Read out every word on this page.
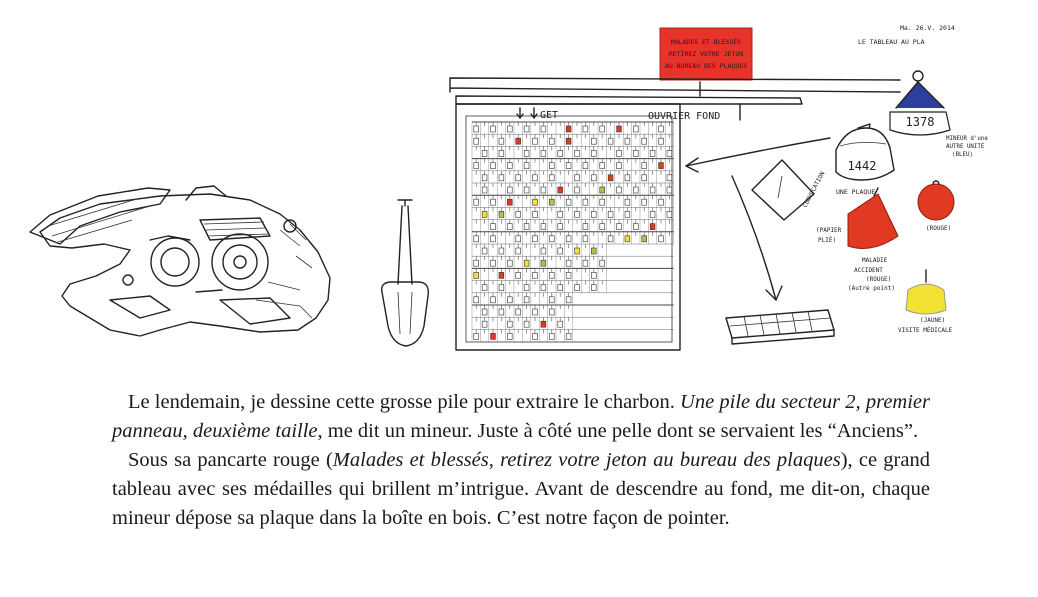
MALADES ET BLESSÉS
RETIREZ VOTRE JETON
AU BUREAU DES PLAQUES
Ma. 26.V. 2014
LE TABLEAU AU PLA
GET	OUVRIER FOND
CONVOCATION
(PAPIER
PLIÉ)
1442
UNE PLAQUE
1378
MINEUR d'une
AUTRE UNITÉ
(BLEU)
MALADIE
ACCIDENT
(ROUGE)
(Autre point)
(ROUGE)
(JAUNE)
VISITE MÉDICALE

Le lendemain, je dessine cette grosse pile pour extraire le charbon. Une pile du secteur 2, premier panneau, deuxième taille, me dit un mineur. Juste à côté une pelle dont se servaient les “Anciens”.

Sous sa pancarte rouge (Malades et blessés, retirez votre jeton au bureau des plaques), ce grand tableau avec ses médailles qui brillent m’intrigue. Avant de descendre au fond, me dit-on, chaque mineur dépose sa plaque dans la boîte en bois. C’est notre façon de pointer.
